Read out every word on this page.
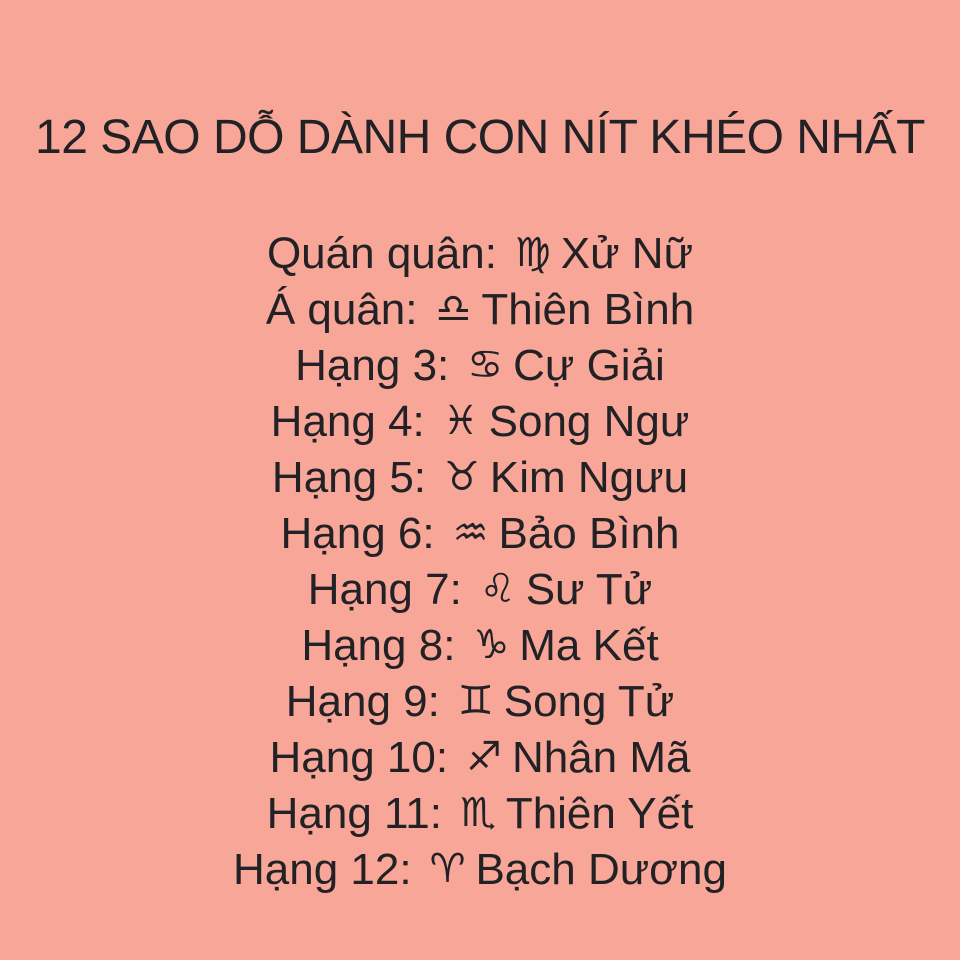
12 SAO DỖ DÀNH CON NÍT KHÉO NHẤT
Quán quân: ♍ Xử Nữ
Á quân: ♎ Thiên Bình
Hạng 3: ♋ Cự Giải
Hạng 4: ♓ Song Ngư
Hạng 5: ♉ Kim Ngưu
Hạng 6: ♒ Bảo Bình
Hạng 7: ♌ Sư Tử
Hạng 8: ♑ Ma Kết
Hạng 9: ♊ Song Tử
Hạng 10: ♐ Nhân Mã
Hạng 11: ♏ Thiên Yết
Hạng 12: ♈ Bạch Dương
